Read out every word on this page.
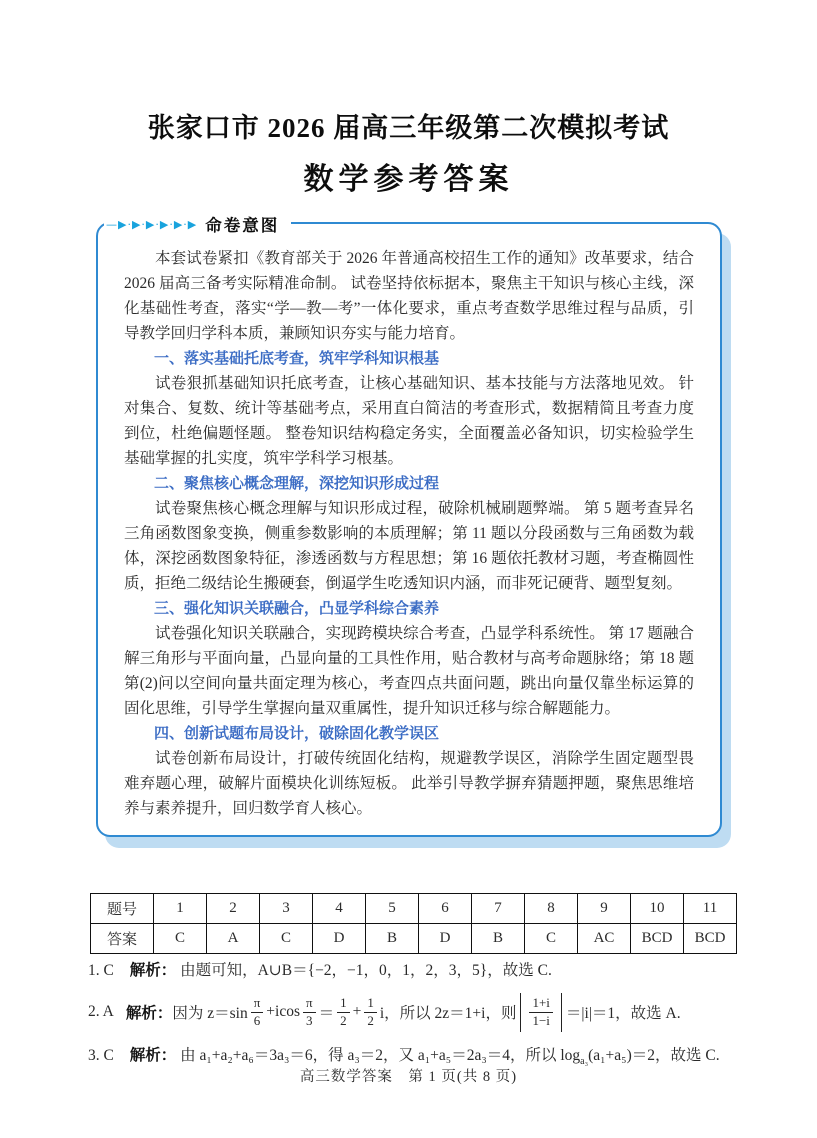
张家口市 2026 届高三年级第二次模拟考试
数学参考答案
—▶·▶·▶·▶·▶·▶ 命卷意图

本套试卷紧扣《教育部关于 2026 年普通高校招生工作的通知》改革要求，结合 2026 届高三备考实际精准命制。 试卷坚持依标据本，聚焦主干知识与核心主线，深化基础性考查，落实“学—教—考”一体化要求，重点考查数学思维过程与品质，引导教学回归学科本质，兼顾知识夯实与能力培育。

一、落实基础托底考查，筑牢学科知识根基

试卷狠抓基础知识托底考查，让核心基础知识、基本技能与方法落地见效。 针对集合、复数、统计等基础考点，采用直白简洁的考查形式，数据精简且考查力度到位，杜绝偏题怪题。 整卷知识结构稳定务实，全面覆盖必备知识，切实检验学生基础掌握的扎实度，筑牢学科学习根基。

二、聚焦核心概念理解，深挖知识形成过程

试卷聚焦核心概念理解与知识形成过程，破除机械刷题弊端。 第 5 题考查异名三角函数图象变换，侧重参数影响的本质理解；第 11 题以分段函数与三角函数为载体，深挖函数图象特征，渗透函数与方程思想；第 16 题依托教材习题，考查椭圆性质，拒绝二级结论生搬硬套，倒逼学生吃透知识内涵，而非死记硬背、题型复刻。

三、强化知识关联融合，凸显学科综合素养

试卷强化知识关联融合，实现跨模块综合考查，凸显学科系统性。 第 17 题融合解三角形与平面向量，凸显向量的工具性作用，贴合教材与高考命题脉络；第 18 题第(2)问以空间向量共面定理为核心，考查四点共面问题，跳出向量仅靠坐标运算的固化思维，引导学生掌握向量双重属性，提升知识迁移与综合解题能力。

四、创新试题布局设计，破除固化教学误区

试卷创新布局设计，打破传统固化结构，规避教学误区，消除学生固定题型畏难弃题心理，破解片面模块化训练短板。 此举引导教学摒弃猜题押题，聚焦思维培养与素养提升，回归数学育人核心。

题号	1	2	3	4	5	6	7	8	9	10	11
答案	C	A	C	D	B	D	B	C	AC	BCD	BCD
1. C 解析： 由题可知，A∪B＝{−2，−1，0，1，2，3，5}，故选 C.
2. A 解析： 因为 $z=\sin \frac{\pi}{6} +icos \frac{\pi}{3} = \frac{1}{2} + \frac{1}{2}$ i，所以 2z＝1+i，则 $\frac{1+i}{1-i} =|i|=1$，故选 A.
3. C 解析： 由 a₁+a₂+a₆＝3a₃＝6，得 a₃＝2，又 a₁+a₅＝2a₃＝4，所以 $\log_{a_3}(a_1+a_5)=2$，故选 C.
高三数学答案　第 1 页(共 8 页)
